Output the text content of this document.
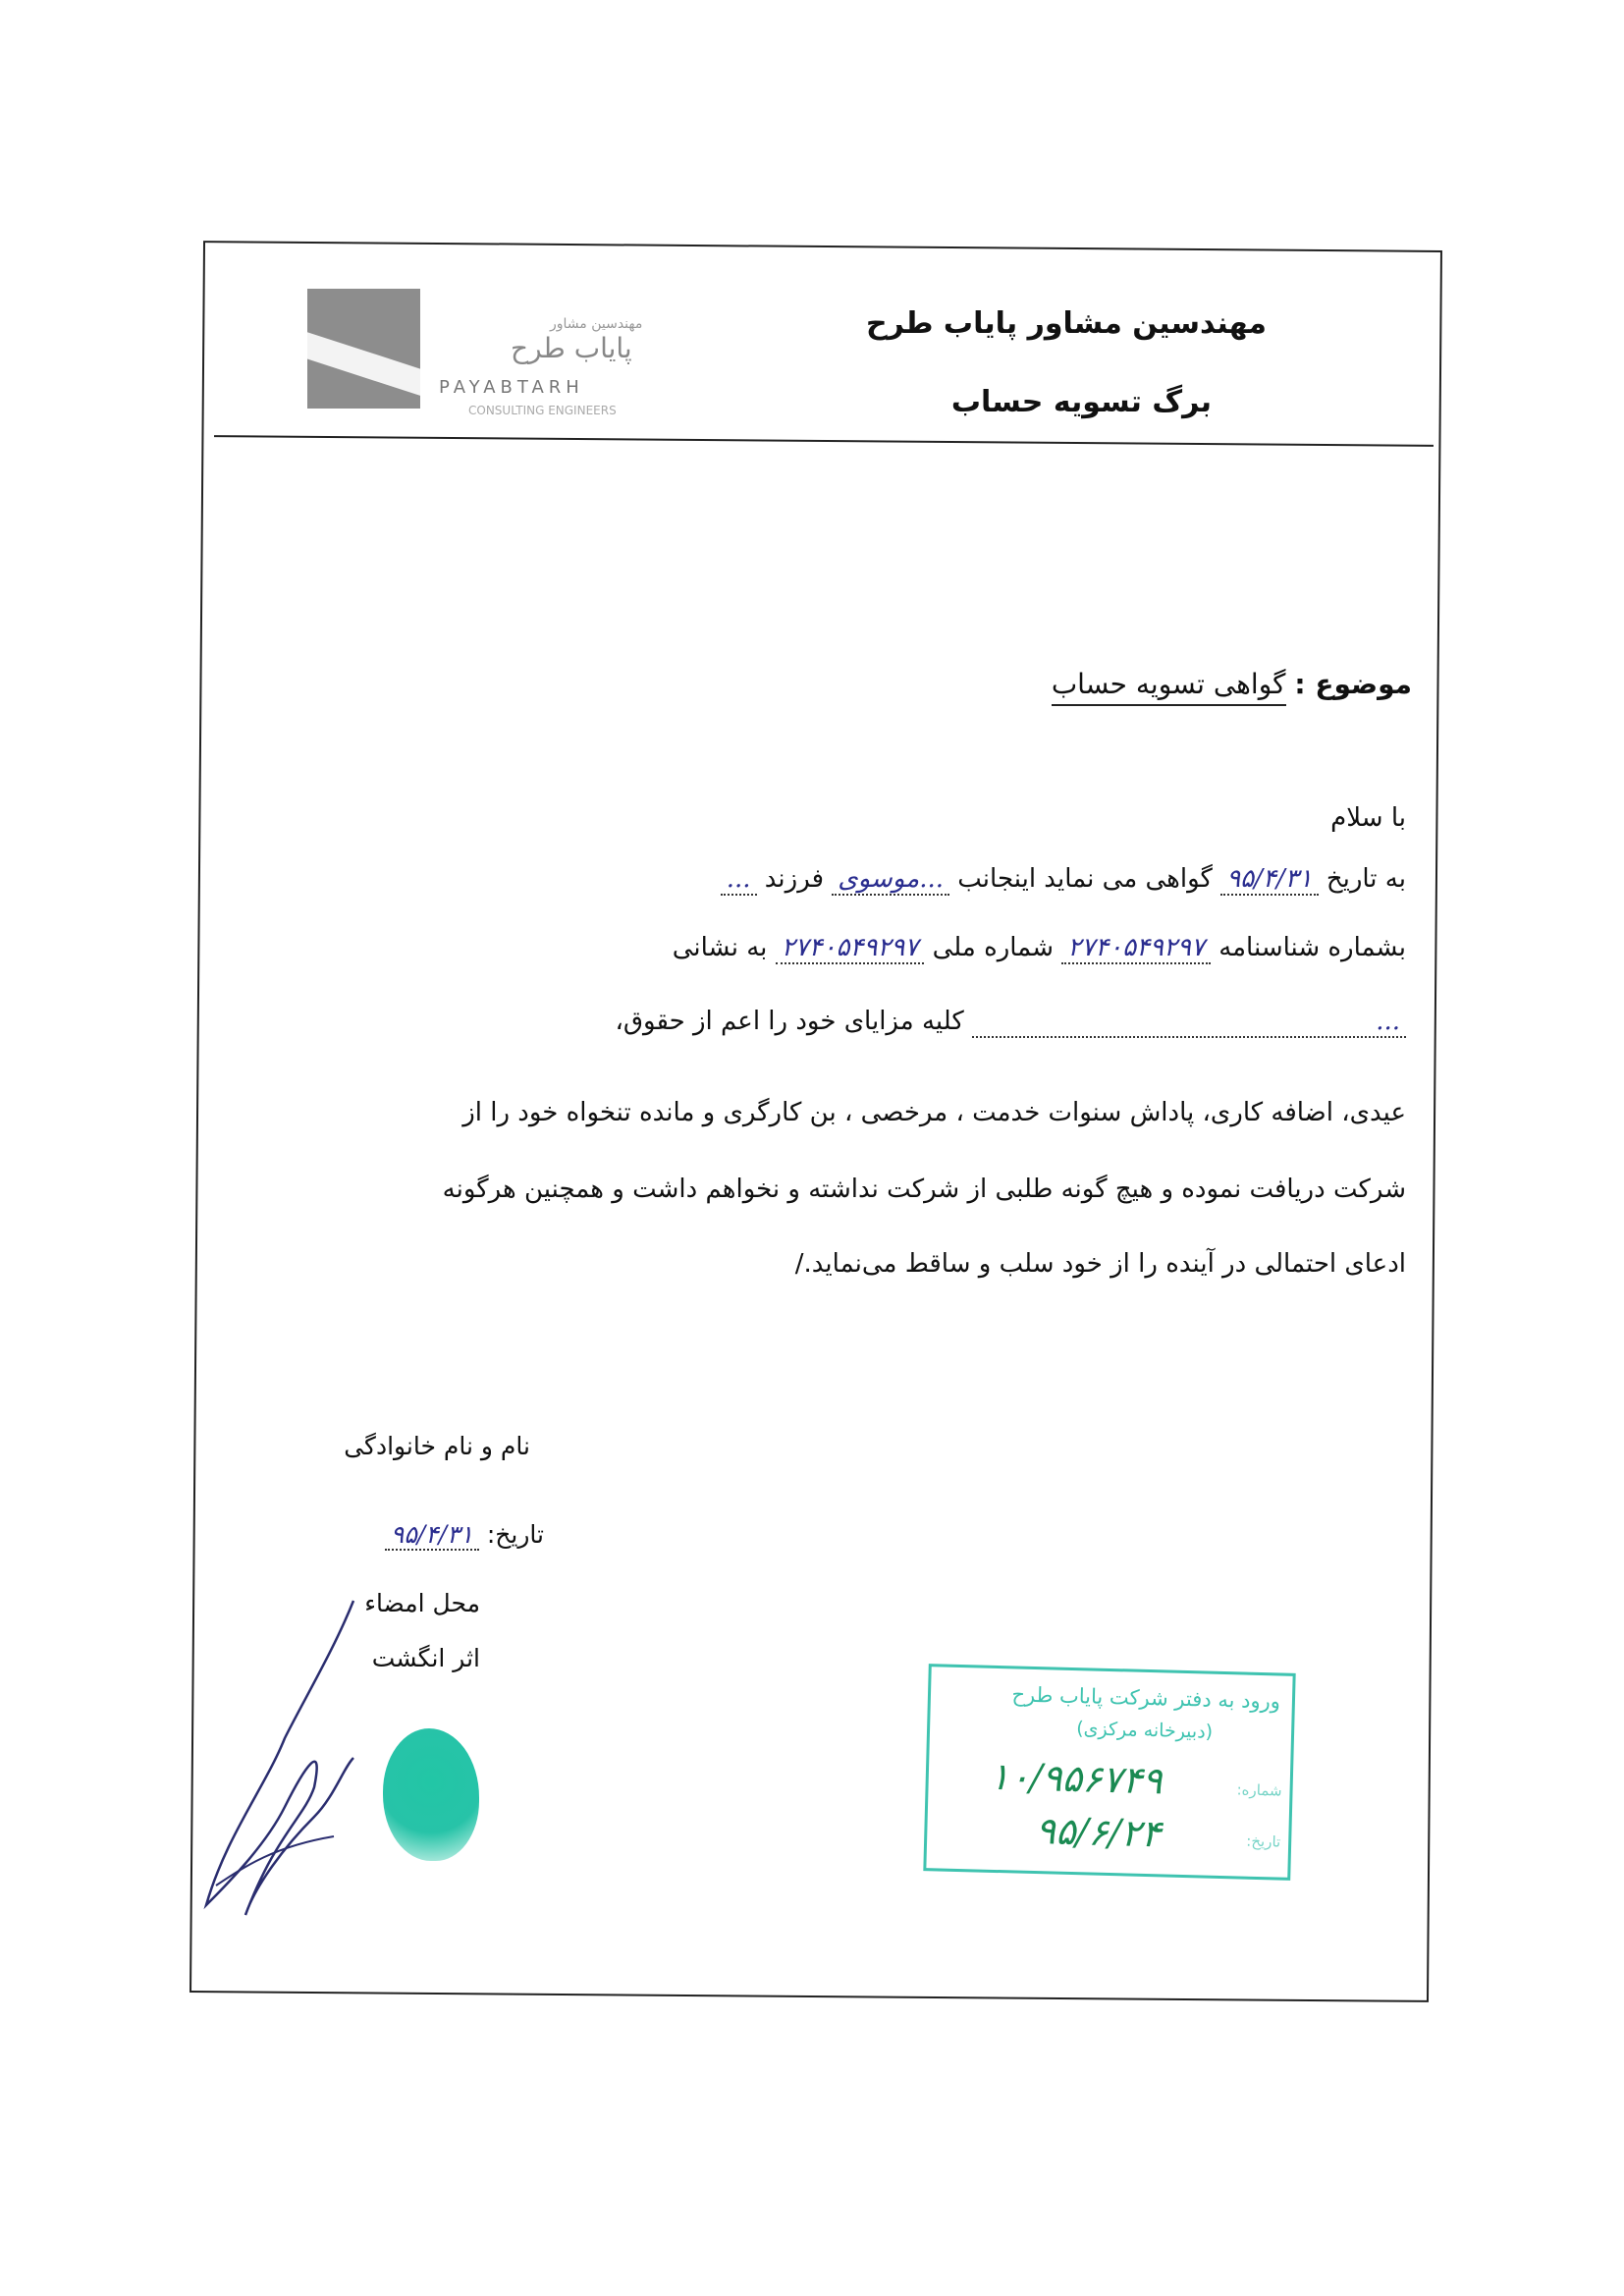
مهندسین مشاور
پایاب طرح
PAYABTARH
CONSULTING ENGINEERS
مهندسین مشاور پایاب طرح
برگ تسویه حساب
موضوع : گواهی تسویه حساب
با سلام
به تاریخ ۹۵/۴/۳۱ گواهی می نماید اینجانب ...موسوی فرزند ...
بشماره شناسنامه ۲۷۴۰۵۴۹۲۹۷ شماره ملی ۲۷۴۰۵۴۹۲۹۷ به نشانی
... کلیه مزایای خود را اعم از حقوق،
عیدی، اضافه کاری، پاداش سنوات خدمت ، مرخصی ، بن کارگری و مانده تنخواه خود را از
شرکت دریافت نموده و هیچ گونه طلبی از شرکت نداشته و نخواهم داشت و همچنین هرگونه
ادعای احتمالی در آینده را از خود سلب و ساقط می‌نماید./
نام و نام خانوادگی
تاریخ: ۹۵/۴/۳۱
محل امضاء
اثر انگشت
ورود به دفتر شرکت پایاب طرح
(دبیرخانه مرکزی)
شماره:
۱۰/۹۵۶۷۴۹
تاریخ:
۹۵/۶/۲۴
